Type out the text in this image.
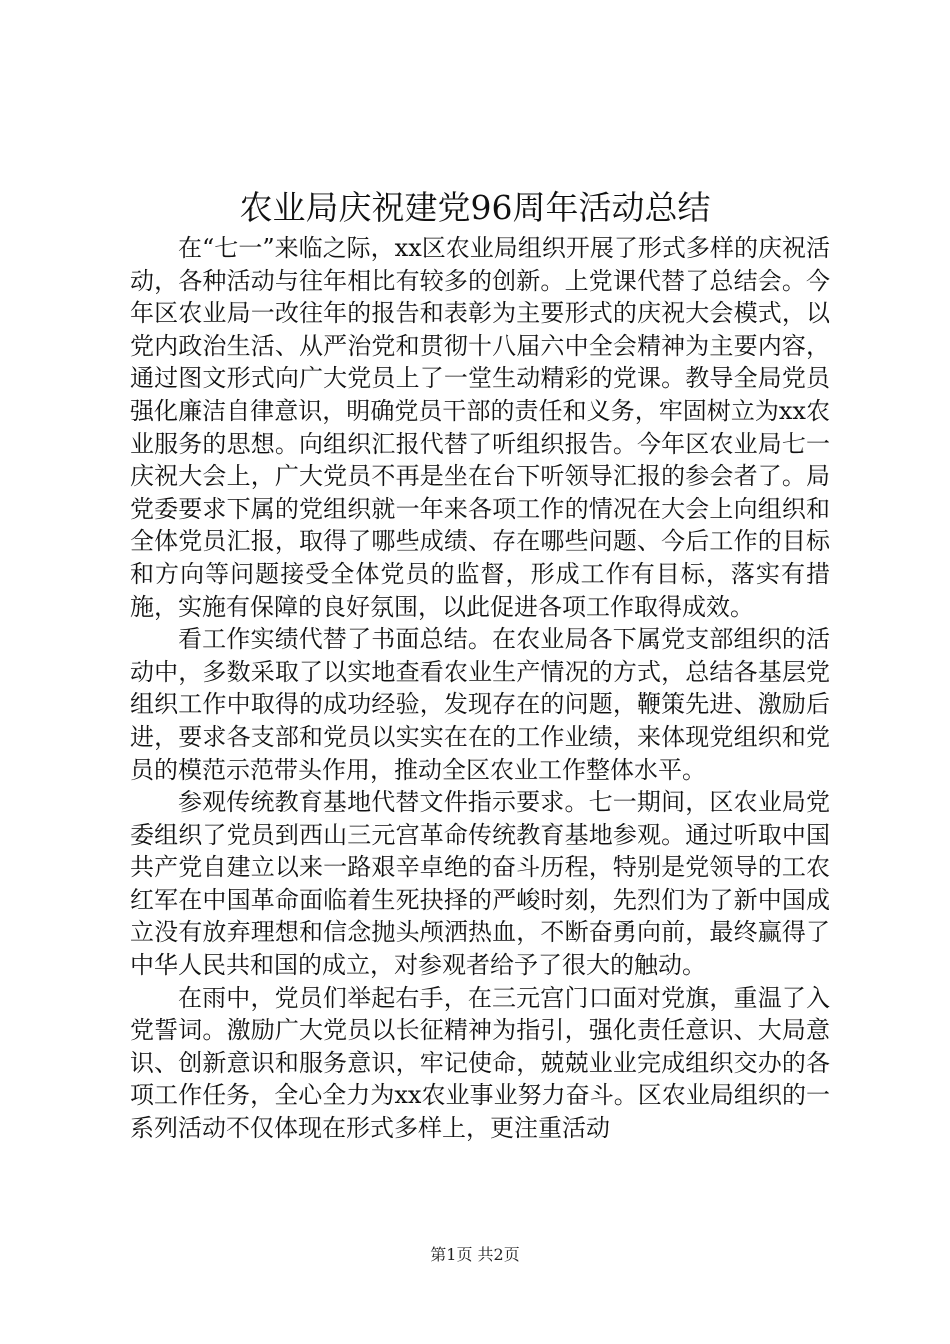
农业局庆祝建党96周年活动总结

在“七一”来临之际，xx区农业局组织开展了形式多样的庆祝活动，各种活动与往年相比有较多的创新。上党课代替了总结会。今年区农业局一改往年的报告和表彰为主要形式的庆祝大会模式，以党内政治生活、从严治党和贯彻十八届六中全会精神为主要内容，通过图文形式向广大党员上了一堂生动精彩的党课。教导全局党员强化廉洁自律意识，明确党员干部的责任和义务，牢固树立为xx农业服务的思想。向组织汇报代替了听组织报告。今年区农业局七一庆祝大会上，广大党员不再是坐在台下听领导汇报的参会者了。局党委要求下属的党组织就一年来各项工作的情况在大会上向组织和全体党员汇报，取得了哪些成绩、存在哪些问题、今后工作的目标和方向等问题接受全体党员的监督，形成工作有目标，落实有措施，实施有保障的良好氛围，以此促进各项工作取得成效。

看工作实绩代替了书面总结。在农业局各下属党支部组织的活动中，多数采取了以实地查看农业生产情况的方式，总结各基层党组织工作中取得的成功经验，发现存在的问题，鞭策先进、激励后进，要求各支部和党员以实实在在的工作业绩，来体现党组织和党员的模范示范带头作用，推动全区农业工作整体水平。

参观传统教育基地代替文件指示要求。七一期间，区农业局党委组织了党员到西山三元宫革命传统教育基地参观。通过听取中国共产党自建立以来一路艰辛卓绝的奋斗历程，特别是党领导的工农红军在中国革命面临着生死抉择的严峻时刻，先烈们为了新中国成立没有放弃理想和信念抛头颅洒热血，不断奋勇向前，最终赢得了中华人民共和国的成立，对参观者给予了很大的触动。

在雨中，党员们举起右手，在三元宫门口面对党旗，重温了入党誓词。激励广大党员以长征精神为指引，强化责任意识、大局意识、创新意识和服务意识，牢记使命，兢兢业业完成组织交办的各项工作任务，全心全力为xx农业事业努力奋斗。区农业局组织的一系列活动不仅体现在形式多样上，更注重活动

第1页 共2页
